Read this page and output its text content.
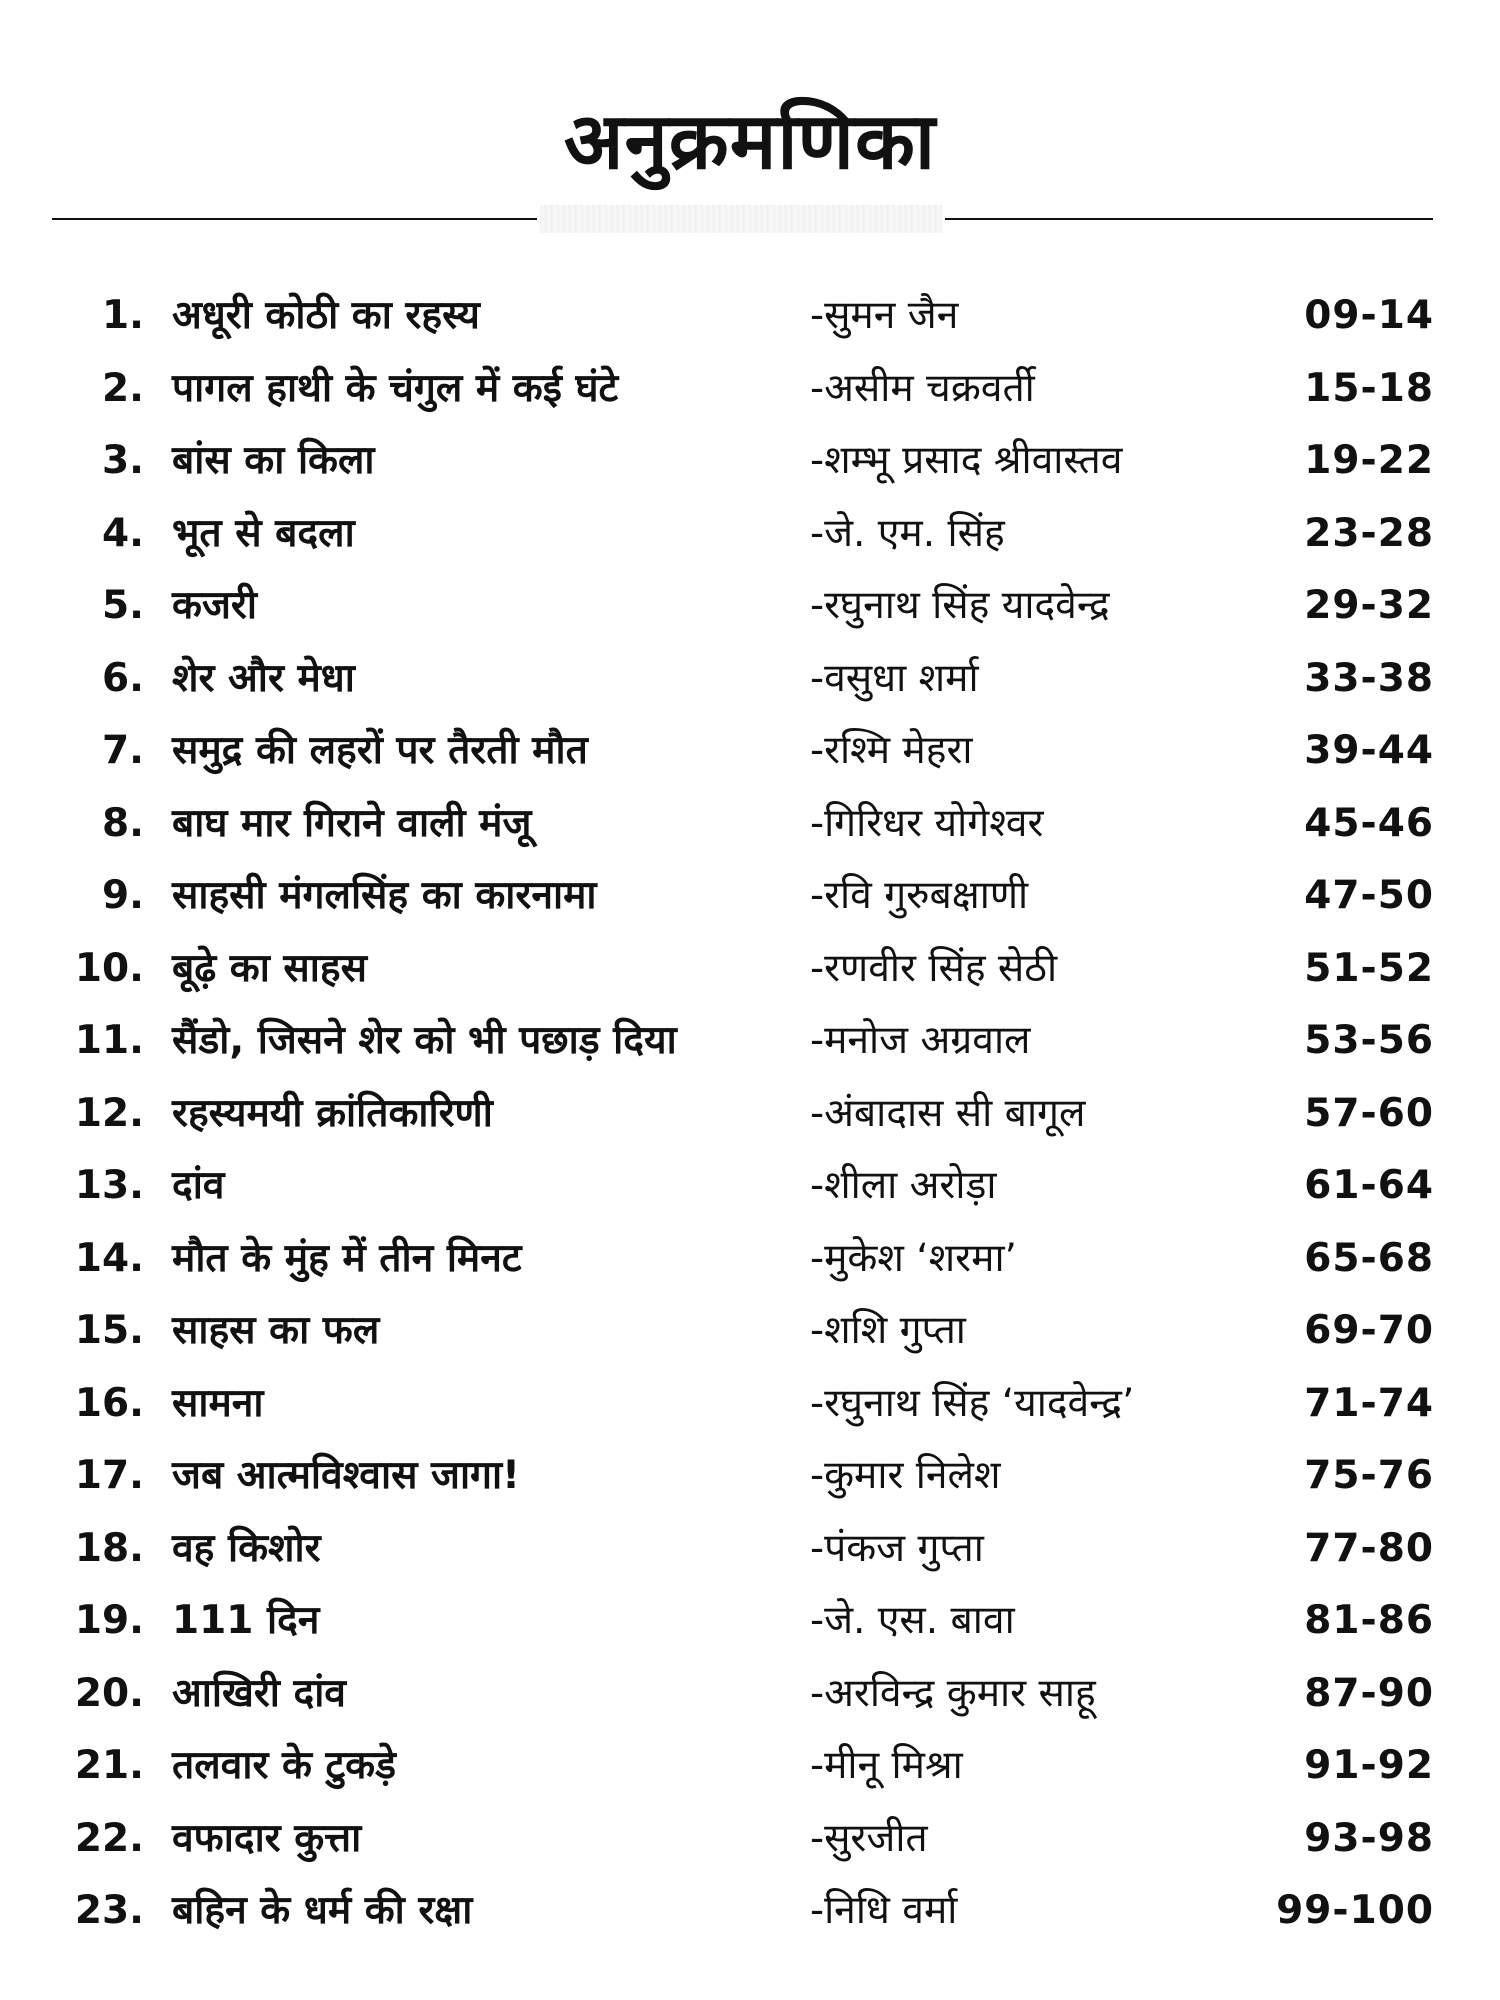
अनुक्रमणिका
1. अधूरी कोठी का रहस्य	-सुमन जैन	09-14
2. पागल हाथी के चंगुल में कई घंटे	-असीम चक्रवर्ती	15-18
3. बांस का किला	-शम्भू प्रसाद श्रीवास्तव	19-22
4. भूत से बदला	-जे. एम. सिंह	23-28
5. कजरी	-रघुनाथ सिंह यादवेन्द्र	29-32
6. शेर और मेधा	-वसुधा शर्मा	33-38
7. समुद्र की लहरों पर तैरती मौत	-रश्मि मेहरा	39-44
8. बाघ मार गिराने वाली मंजू	-गिरिधर योगेश्वर	45-46
9. साहसी मंगलसिंह का कारनामा	-रवि गुरुबक्षाणी	47-50
10. बूढ़े का साहस	-रणवीर सिंह सेठी	51-52
11. सैंडो, जिसने शेर को भी पछाड़ दिया	-मनोज अग्रवाल	53-56
12. रहस्यमयी क्रांतिकारिणी	-अंबादास सी बागूल	57-60
13. दांव	-शीला अरोड़ा	61-64
14. मौत के मुंह में तीन मिनट	-मुकेश ‘शरमा’	65-68
15. साहस का फल	-शशि गुप्ता	69-70
16. सामना	-रघुनाथ सिंह ‘यादवेन्द्र’	71-74
17. जब आत्मविश्वास जागा!	-कुमार निलेश	75-76
18. वह किशोर	-पंकज गुप्ता	77-80
19. 111 दिन	-जे. एस. बावा	81-86
20. आखिरी दांव	-अरविन्द्र कुमार साहू	87-90
21. तलवार के टुकड़े	-मीनू मिश्रा	91-92
22. वफादार कुत्ता	-सुरजीत	93-98
23. बहिन के धर्म की रक्षा	-निधि वर्मा	99-100
